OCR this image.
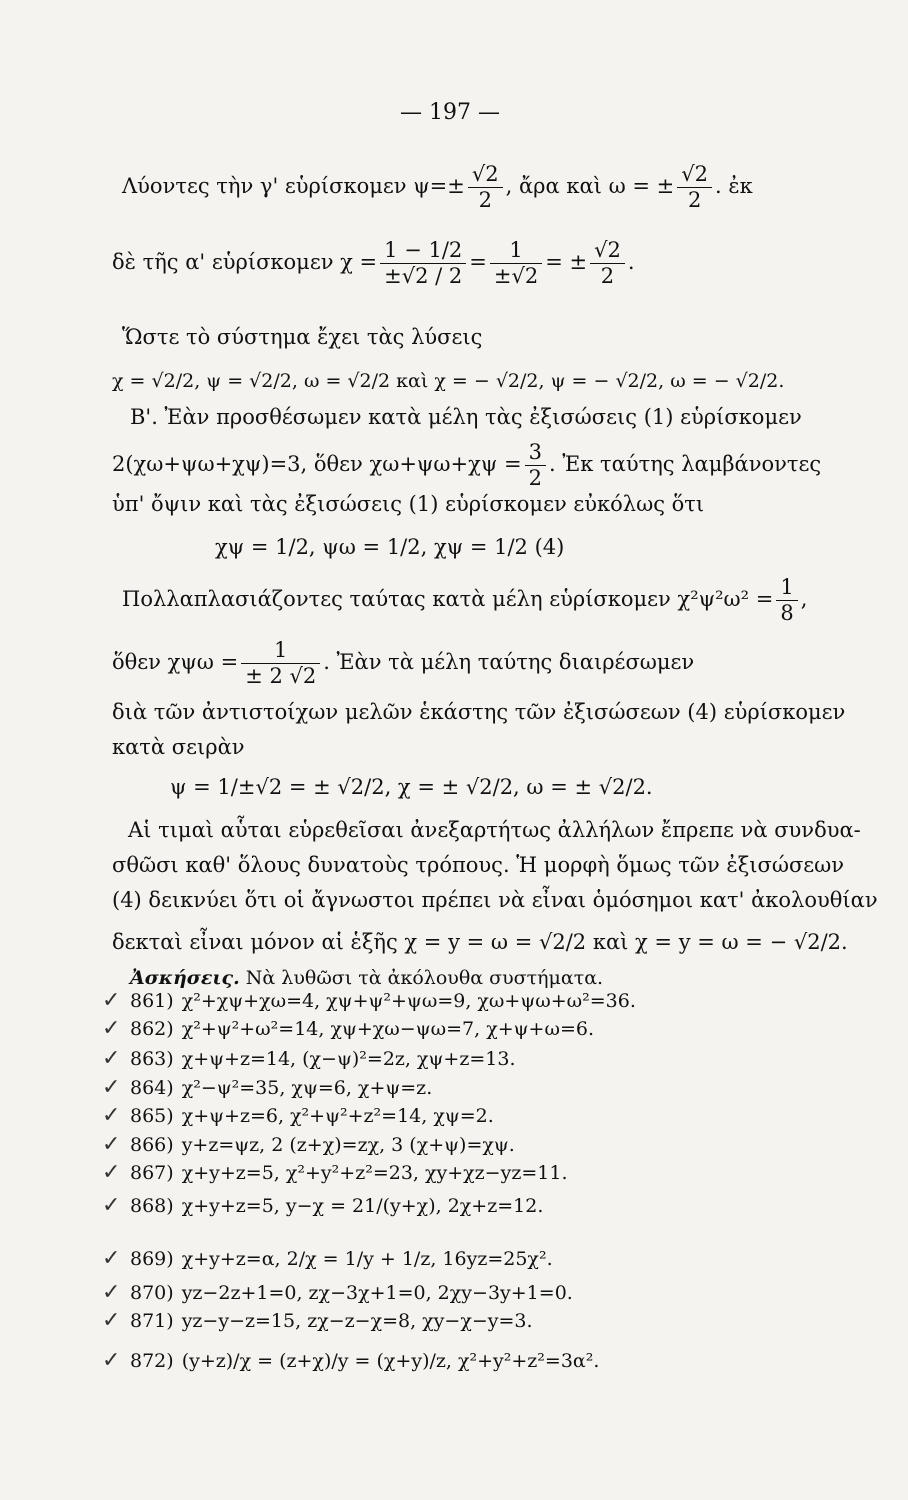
— 197 —
Λύοντες τὴν γ' εὑρίσκομεν $\psi=\pm \frac{√2}{2}$ , ἄρα καὶ ω = ± $\frac{√2}{2}$ . ἐκ
δὲ τῆς α' εὑρίσκομεν $\chi = \frac{1 - 1/2}{\pm√2 / 2} = \frac{1}{\pm√2}$ = ± $\frac{√2}{2}$ .
Ὥστε τὸ σύστημα ἔχει τὰς λύσεις
χ = √2/2, ψ = √2/2, ω = √2/2 καὶ χ = − √2/2, ψ = − √2/2, ω = − √2/2.
Β'. Ἐὰν προσθέσωμεν κατὰ μέλη τὰς ἐξισώσεις (1) εὑρίσκομεν
2(χω+ψω+χψ)=3, ὅθεν $\chi\omega+\psi\omega+\chi\psi = \frac{3}{2}$ . Ἐκ ταύτης λαμβάνοντες
ὑπ' ὄψιν καὶ τὰς ἐξισώσεις (1) εὑρίσκομεν εὐκόλως ὅτι
χψ = 1/2, ψω = 1/2, χψ = 1/2 (4)
Πολλαπλασιάζοντες ταύτας κατὰ μέλη εὑρίσκομεν $\chi^2\psi^2\omega^2 = \frac{1}{8}$ ,
ὅθεν $\chi\psi\omega = \frac{1}{\pm 2 √2}$ . Ἐὰν τὰ μέλη ταύτης διαιρέσωμεν
διὰ τῶν ἀντιστοίχων μελῶν ἑκάστης τῶν ἐξισώσεων (4) εὑρίσκομεν
κατὰ σειρὰν
ψ = 1/±√2 = ± √2/2, χ = ± √2/2, ω = ± √2/2.
Αἱ τιμαὶ αὗται εὑρεθεῖσαι ἀνεξαρτήτως ἀλλήλων ἔπρεπε νὰ συνδυα-
σθῶσι καθ' ὅλους δυνατοὺς τρόπους. Ἡ μορφὴ ὅμως τῶν ἐξισώσεων
(4) δεικνύει ὅτι οἱ ἄγνωστοι πρέπει νὰ εἶναι ὁμόσημοι κατ' ἀκολουθίαν
δεκταὶ εἶναι μόνον αἱ ἑξῆς χ = y = ω = √2/2 καὶ χ = y = ω = − √2/2.
Ἀσκήσεις. Νὰ λυθῶσι τὰ ἀκόλουθα συστήματα.
✓ 861) χ²+χψ+χω=4, χψ+ψ²+ψω=9, χω+ψω+ω²=36.
✓ 862) χ²+ψ²+ω²=14, χψ+χω−ψω=7, χ+ψ+ω=6.
✓ 863) χ+ψ+z=14, (χ−ψ)²=2z, χψ+z=13.
✓ 864) χ²−ψ²=35, χψ=6, χ+ψ=z.
✓ 865) χ+ψ+z=6, χ²+ψ²+z²=14, χψ=2.
✓ 866) y+z=ψz, 2 (z+χ)=zχ, 3 (χ+ψ)=χψ.
✓ 867) χ+y+z=5, χ²+y²+z²=23, χy+χz−yz=11.
✓ 868) χ+y+z=5, y−χ = 21/(y+χ), 2χ+z=12.
✓ 869) χ+y+z=α, 2/χ = 1/y + 1/z, 16yz=25χ².
✓ 870) yz−2z+1=0, zχ−3χ+1=0, 2χy−3y+1=0.
✓ 871) yz−y−z=15, zχ−z−χ=8, χy−χ−y=3.
✓ 872) (y+z)/χ = (z+χ)/y = (χ+y)/z, χ²+y²+z²=3α².
